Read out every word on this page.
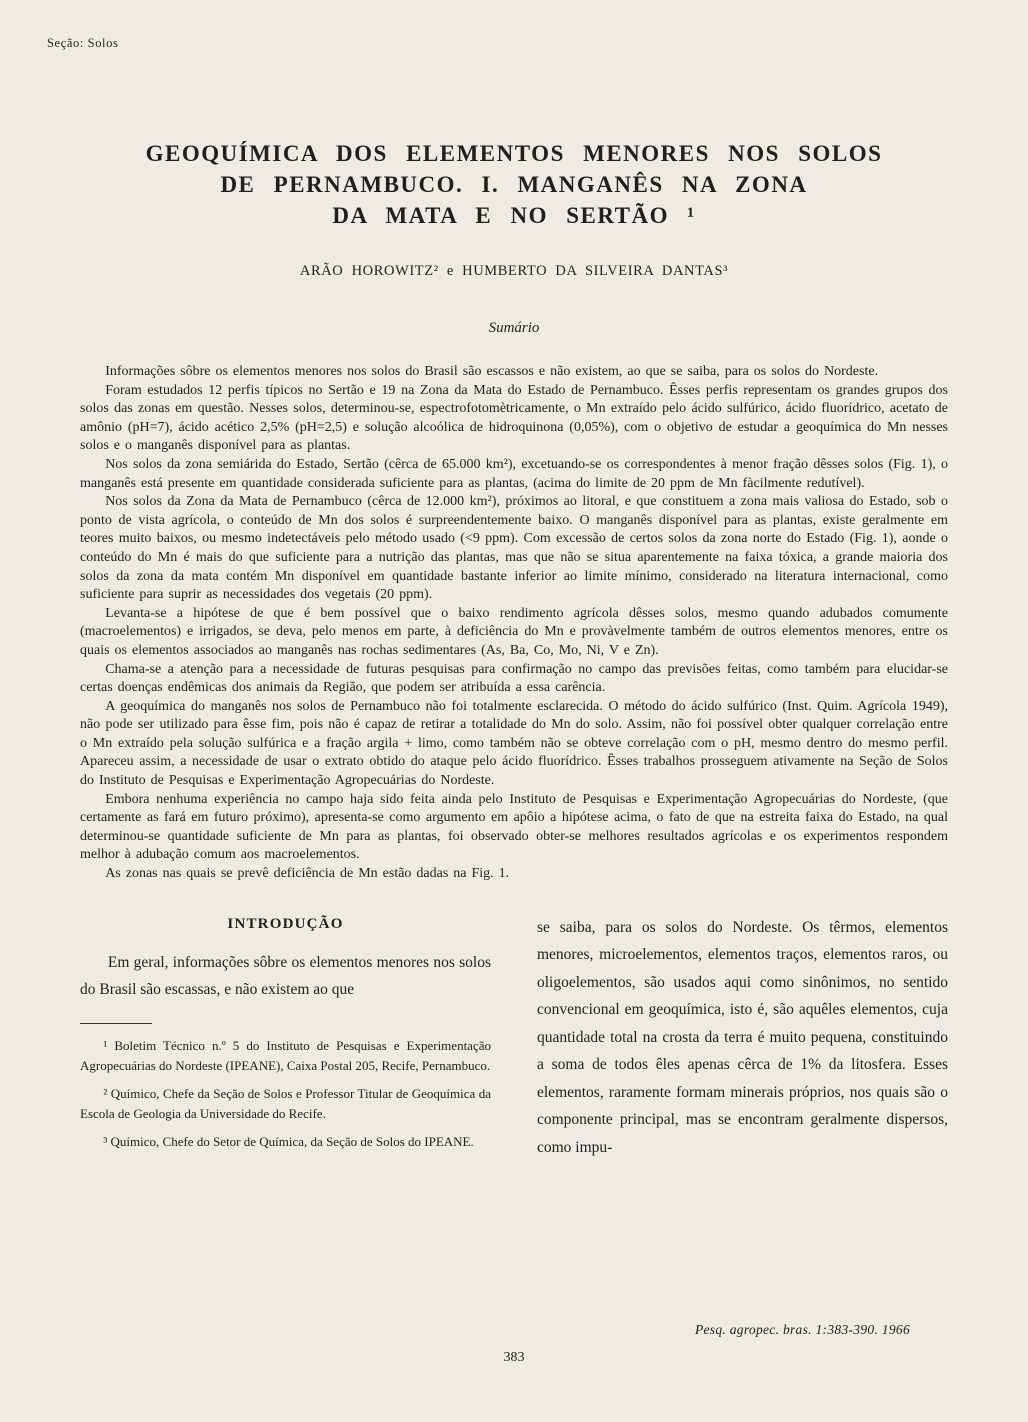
Seção: Solos
GEOQUÍMICA DOS ELEMENTOS MENORES NOS SOLOS
DE PERNAMBUCO. I. MANGANÊS NA ZONA
DA MATA E NO SERTÃO ¹
ARÃO HOROWITZ² e HUMBERTO DA SILVEIRA DANTAS³
Sumário

Informações sôbre os elementos menores nos solos do Brasil são escassos e não existem, ao que se saiba, para os solos do Nordeste.

Foram estudados 12 perfis típicos no Sertão e 19 na Zona da Mata do Estado de Pernambuco. Êsses perfis representam os grandes grupos dos solos das zonas em questão. Nesses solos, determinou-se, espectrofotomètricamente, o Mn extraído pelo ácido sulfúrico, ácido fluorídrico, acetato de amônio (pH=7), ácido acético 2,5% (pH=2,5) e solução alcoólica de hidroquinona (0,05%), com o objetivo de estudar a geoquímica do Mn nesses solos e o manganês disponível para as plantas.

Nos solos da zona semiárida do Estado, Sertão (cêrca de 65.000 km²), excetuando-se os correspondentes à menor fração dêsses solos (Fig. 1), o manganês está presente em quantidade considerada suficiente para as plantas, (acima do limite de 20 ppm de Mn fàcilmente redutível).

Nos solos da Zona da Mata de Pernambuco (cêrca de 12.000 km²), próximos ao litoral, e que constituem a zona mais valiosa do Estado, sob o ponto de vista agrícola, o conteúdo de Mn dos solos é surpreendentemente baixo. O manganês disponível para as plantas, existe geralmente em teores muito baixos, ou mesmo indetectáveis pelo método usado (<9 ppm). Com excessão de certos solos da zona norte do Estado (Fig. 1), aonde o conteúdo do Mn é mais do que suficiente para a nutrição das plantas, mas que não se situa aparentemente na faixa tóxica, a grande maioria dos solos da zona da mata contém Mn disponível em quantidade bastante inferior ao limite mínimo, considerado na literatura internacional, como suficiente para suprir as necessidades dos vegetais (20 ppm).

Levanta-se a hipótese de que é bem possível que o baixo rendimento agrícola dêsses solos, mesmo quando adubados comumente (macroelementos) e irrigados, se deva, pelo menos em parte, à deficiência do Mn e provàvelmente também de outros elementos menores, entre os quais os elementos associados ao manganês nas rochas sedimentares (As, Ba, Co, Mo, Ni, V e Zn).

Chama-se a atenção para a necessidade de futuras pesquisas para confirmação no campo das previsões feitas, como também para elucidar-se certas doenças endêmicas dos animais da Região, que podem ser atribuída a essa carência.

A geoquímica do manganês nos solos de Pernambuco não foi totalmente esclarecida. O método do ácido sulfúrico (Inst. Quim. Agrícola 1949), não pode ser utilizado para êsse fim, pois não é capaz de retirar a totalidade do Mn do solo. Assim, não foi possível obter qualquer correlação entre o Mn extraído pela solução sulfúrica e a fração argila + limo, como também não se obteve correlação com o pH, mesmo dentro do mesmo perfil. Apareceu assim, a necessidade de usar o extrato obtido do ataque pelo ácido fluorídrico. Êsses trabalhos prosseguem ativamente na Seção de Solos do Instituto de Pesquisas e Experimentação Agropecuárias do Nordeste.

Embora nenhuma experiência no campo haja sido feita ainda pelo Instituto de Pesquisas e Experimentação Agropecuárias do Nordeste, (que certamente as fará em futuro próximo), apresenta-se como argumento em apôio a hipótese acima, o fato de que na estreita faixa do Estado, na qual determinou-se quantidade suficiente de Mn para as plantas, foi observado obter-se melhores resultados agrícolas e os experimentos respondem melhor à adubação comum aos macroelementos.

As zonas nas quais se prevê deficiência de Mn estão dadas na Fig. 1.

INTRODUÇÃO

Em geral, informações sôbre os elementos menores nos solos do Brasil são escassas, e não existem ao que

¹ Boletim Técnico n.º 5 do Instituto de Pesquisas e Experimentação Agropecuárias do Nordeste (IPEANE), Caixa Postal 205, Recife, Pernambuco.

² Químico, Chefe da Seção de Solos e Professor Titular de Geoquímica da Escola de Geologia da Universidade do Recife.

³ Químico, Chefe do Setor de Química, da Seção de Solos do IPEANE.

se saiba, para os solos do Nordeste. Os têrmos, elementos menores, microelementos, elementos traços, elementos raros, ou oligoelementos, são usados aqui como sinônimos, no sentido convencional em geoquímica, isto é, são aquêles elementos, cuja quantidade total na crosta da terra é muito pequena, constituindo a soma de todos êles apenas cêrca de 1% da litosfera. Esses elementos, raramente formam minerais próprios, nos quais são o componente principal, mas se encontram geralmente dispersos, como impu-

Pesq. agropec. bras. 1:383-390. 1966
383
